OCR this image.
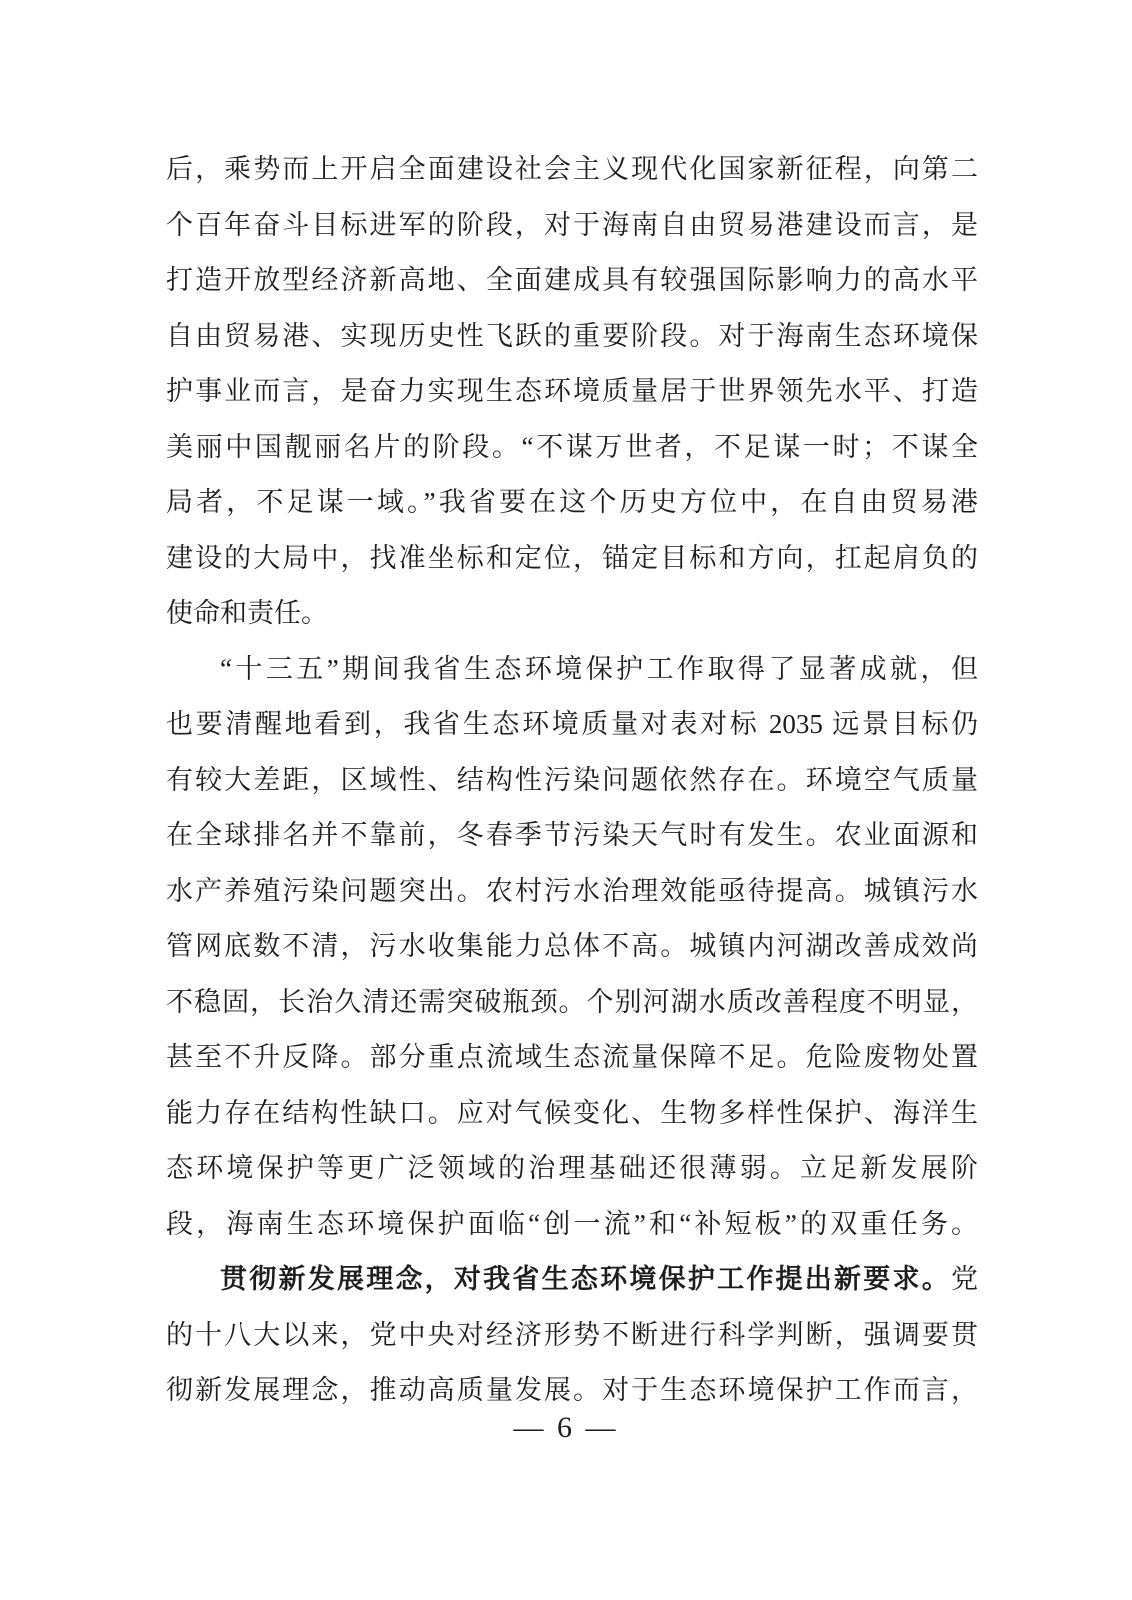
后，乘势而上开启全面建设社会主义现代化国家新征程，向第二
个百年奋斗目标进军的阶段，对于海南自由贸易港建设而言，是
打造开放型经济新高地、全面建成具有较强国际影响力的高水平
自由贸易港、实现历史性飞跃的重要阶段。对于海南生态环境保
护事业而言，是奋力实现生态环境质量居于世界领先水平、打造
美丽中国靓丽名片的阶段。“不谋万世者，不足谋一时；不谋全
局者，不足谋一域。”我省要在这个历史方位中，在自由贸易港
建设的大局中，找准坐标和定位，锚定目标和方向，扛起肩负的
使命和责任。
“十三五”期间我省生态环境保护工作取得了显著成就，但
也要清醒地看到，我省生态环境质量对表对标 2035 远景目标仍
有较大差距，区域性、结构性污染问题依然存在。环境空气质量
在全球排名并不靠前，冬春季节污染天气时有发生。农业面源和
水产养殖污染问题突出。农村污水治理效能亟待提高。城镇污水
管网底数不清，污水收集能力总体不高。城镇内河湖改善成效尚
不稳固，长治久清还需突破瓶颈。个别河湖水质改善程度不明显，
甚至不升反降。部分重点流域生态流量保障不足。危险废物处置
能力存在结构性缺口。应对气候变化、生物多样性保护、海洋生
态环境保护等更广泛领域的治理基础还很薄弱。立足新发展阶
段，海南生态环境保护面临“创一流”和“补短板”的双重任务。
贯彻新发展理念，对我省生态环境保护工作提出新要求。党
的十八大以来，党中央对经济形势不断进行科学判断，强调要贯
彻新发展理念，推动高质量发展。对于生态环境保护工作而言，
— 6 —
